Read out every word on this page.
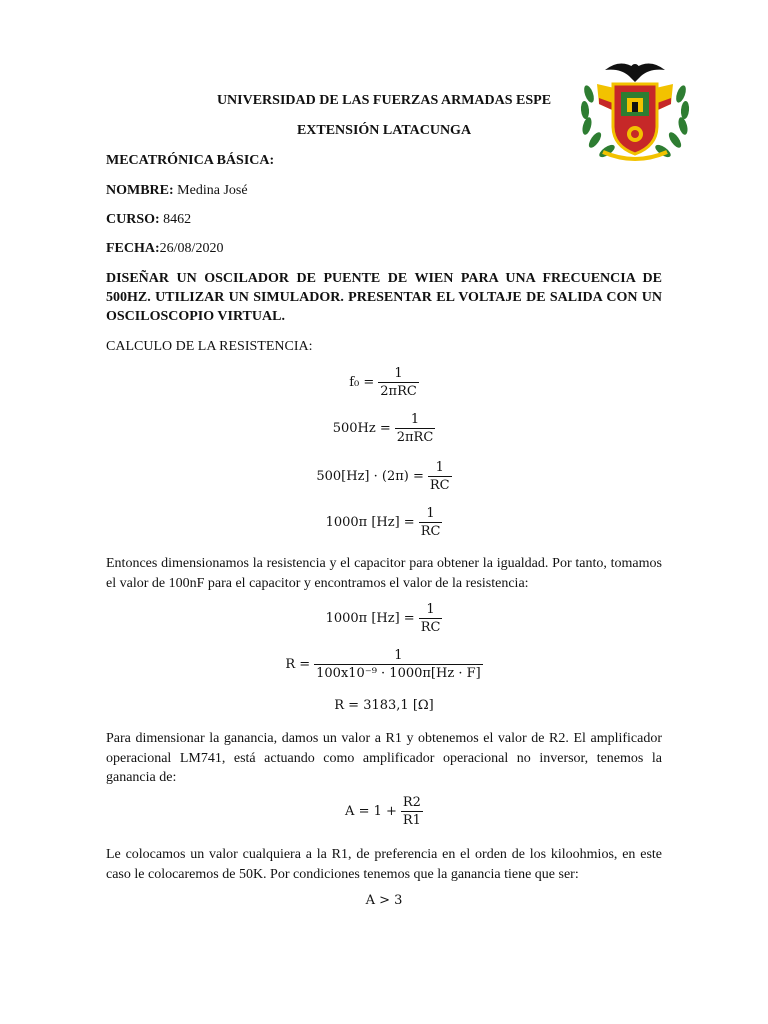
UNIVERSIDAD DE LAS FUERZAS ARMADAS ESPE
EXTENSIÓN LATACUNGA
MECATRÓNICA BÁSICA:
NOMBRE: Medina José
CURSO: 8462
FECHA:26/08/2020
DISEÑAR UN OSCILADOR DE PUENTE DE WIEN PARA UNA FRECUENCIA DE 500HZ. UTILIZAR UN SIMULADOR. PRESENTAR EL VOLTAJE DE SALIDA CON UN OSCILOSCOPIO VIRTUAL.
CALCULO DE LA RESISTENCIA:
$f_0 = \frac{1}{\text{2πRC}}$
$500Hz = \frac{1}{\text{2πRC}}$
$500[Hz] \cdot (2\pi) = \frac{1}{RC}$
1000π $[Hz] = \frac{1}{RC}$
Entonces dimensionamos la resistencia y el capacitor para obtener la igualdad. Por tanto, tomamos el valor de 100nF para el capacitor y encontramos el valor de la resistencia:
1000π $[Hz] = \frac{1}{RC}$
$R = \frac{1}{\text{100x10⁻⁹ · 1000π[Hz · F]}}$
R = 3183,1 [Ω]
Para dimensionar la ganancia, damos un valor a R1 y obtenemos el valor de R2. El amplificador operacional LM741, está actuando como amplificador operacional no inversor, tenemos la ganancia de:
$A = 1 + \frac{R2}{R1}$
Le colocamos un valor cualquiera a la R1, de preferencia en el orden de los kiloohmios, en este caso le colocaremos de 50K. Por condiciones tenemos que la ganancia tiene que ser:
A > 3
